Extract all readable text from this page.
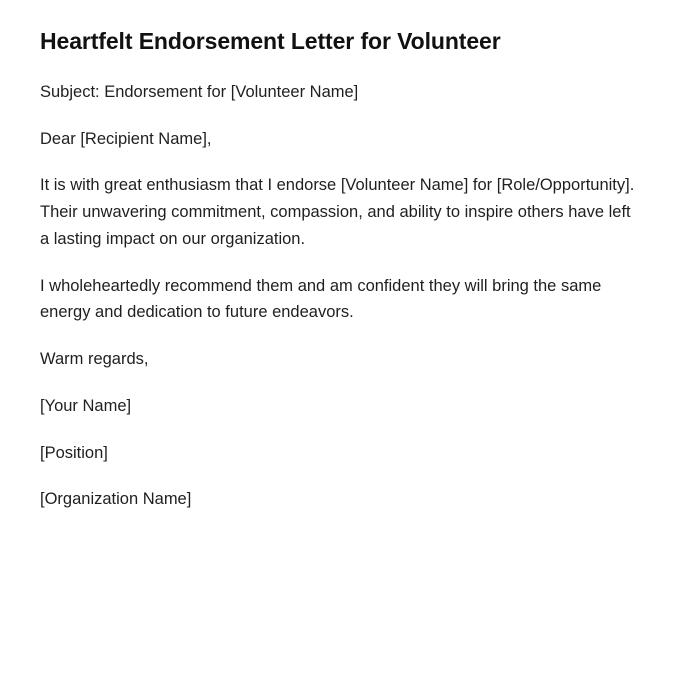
Heartfelt Endorsement Letter for Volunteer

Subject: Endorsement for [Volunteer Name]

Dear [Recipient Name],

It is with great enthusiasm that I endorse [Volunteer Name] for [Role/Opportunity]. Their unwavering commitment, compassion, and ability to inspire others have left a lasting impact on our organization.

I wholeheartedly recommend them and am confident they will bring the same energy and dedication to future endeavors.

Warm regards,

[Your Name]

[Position]

[Organization Name]
